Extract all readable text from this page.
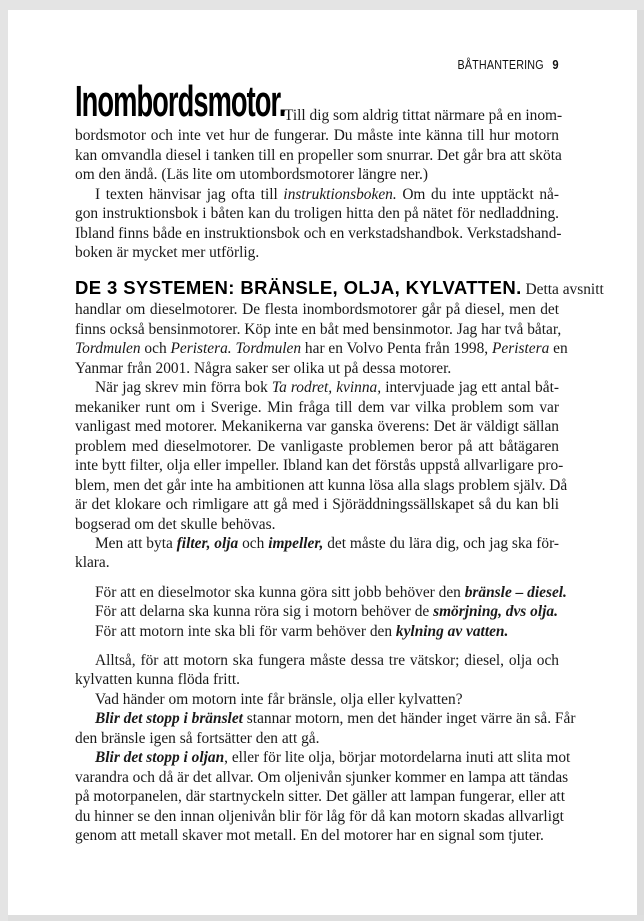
BÅTHANTERING 9
Inombordsmotor.
Till dig som aldrig tittat närmare på en inom-
bordsmotor och inte vet hur de fungerar. Du måste inte känna till hur motorn
kan omvandla diesel i tanken till en propeller som snurrar. Det går bra att sköta
om den ändå. (Läs lite om utombordsmotorer längre ner.)
I texten hänvisar jag ofta till instruktionsboken. Om du inte upptäckt nå-
gon instruktionsbok i båten kan du troligen hitta den på nätet för nedladdning.
Ibland finns både en instruktionsbok och en verkstadshandbok. Verkstadshand-
boken är mycket mer utförlig.
DE 3 SYSTEMEN: BRÄNSLE, OLJA, KYLVATTEN. Detta avsnitt
handlar om dieselmotorer. De flesta inombordsmotorer går på diesel, men det
finns också bensinmotorer. Köp inte en båt med bensinmotor. Jag har två båtar,
Tordmulen och Peristera. Tordmulen har en Volvo Penta från 1998, Peristera en
Yanmar från 2001. Några saker ser olika ut på dessa motorer.
När jag skrev min förra bok Ta rodret, kvinna, intervjuade jag ett antal båt-
mekaniker runt om i Sverige. Min fråga till dem var vilka problem som var
vanligast med motorer. Mekanikerna var ganska överens: Det är väldigt sällan
problem med dieselmotorer. De vanligaste problemen beror på att båtägaren
inte bytt filter, olja eller impeller. Ibland kan det förstås uppstå allvarligare pro-
blem, men det går inte ha ambitionen att kunna lösa alla slags problem själv. Då
är det klokare och rimligare att gå med i Sjöräddningssällskapet så du kan bli
bogserad om det skulle behövas.
Men att byta filter, olja och impeller, det måste du lära dig, och jag ska för-
klara.
För att en dieselmotor ska kunna göra sitt jobb behöver den bränsle – diesel.
För att delarna ska kunna röra sig i motorn behöver de smörjning, dvs olja.
För att motorn inte ska bli för varm behöver den kylning av vatten.
Alltså, för att motorn ska fungera måste dessa tre vätskor; diesel, olja och
kylvatten kunna flöda fritt.
Vad händer om motorn inte får bränsle, olja eller kylvatten?
Blir det stopp i bränslet stannar motorn, men det händer inget värre än så. Får
den bränsle igen så fortsätter den att gå.
Blir det stopp i oljan, eller för lite olja, börjar motordelarna inuti att slita mot
varandra och då är det allvar. Om oljenivån sjunker kommer en lampa att tändas
på motorpanelen, där startnyckeln sitter. Det gäller att lampan fungerar, eller att
du hinner se den innan oljenivån blir för låg för då kan motorn skadas allvarligt
genom att metall skaver mot metall. En del motorer har en signal som tjuter.
